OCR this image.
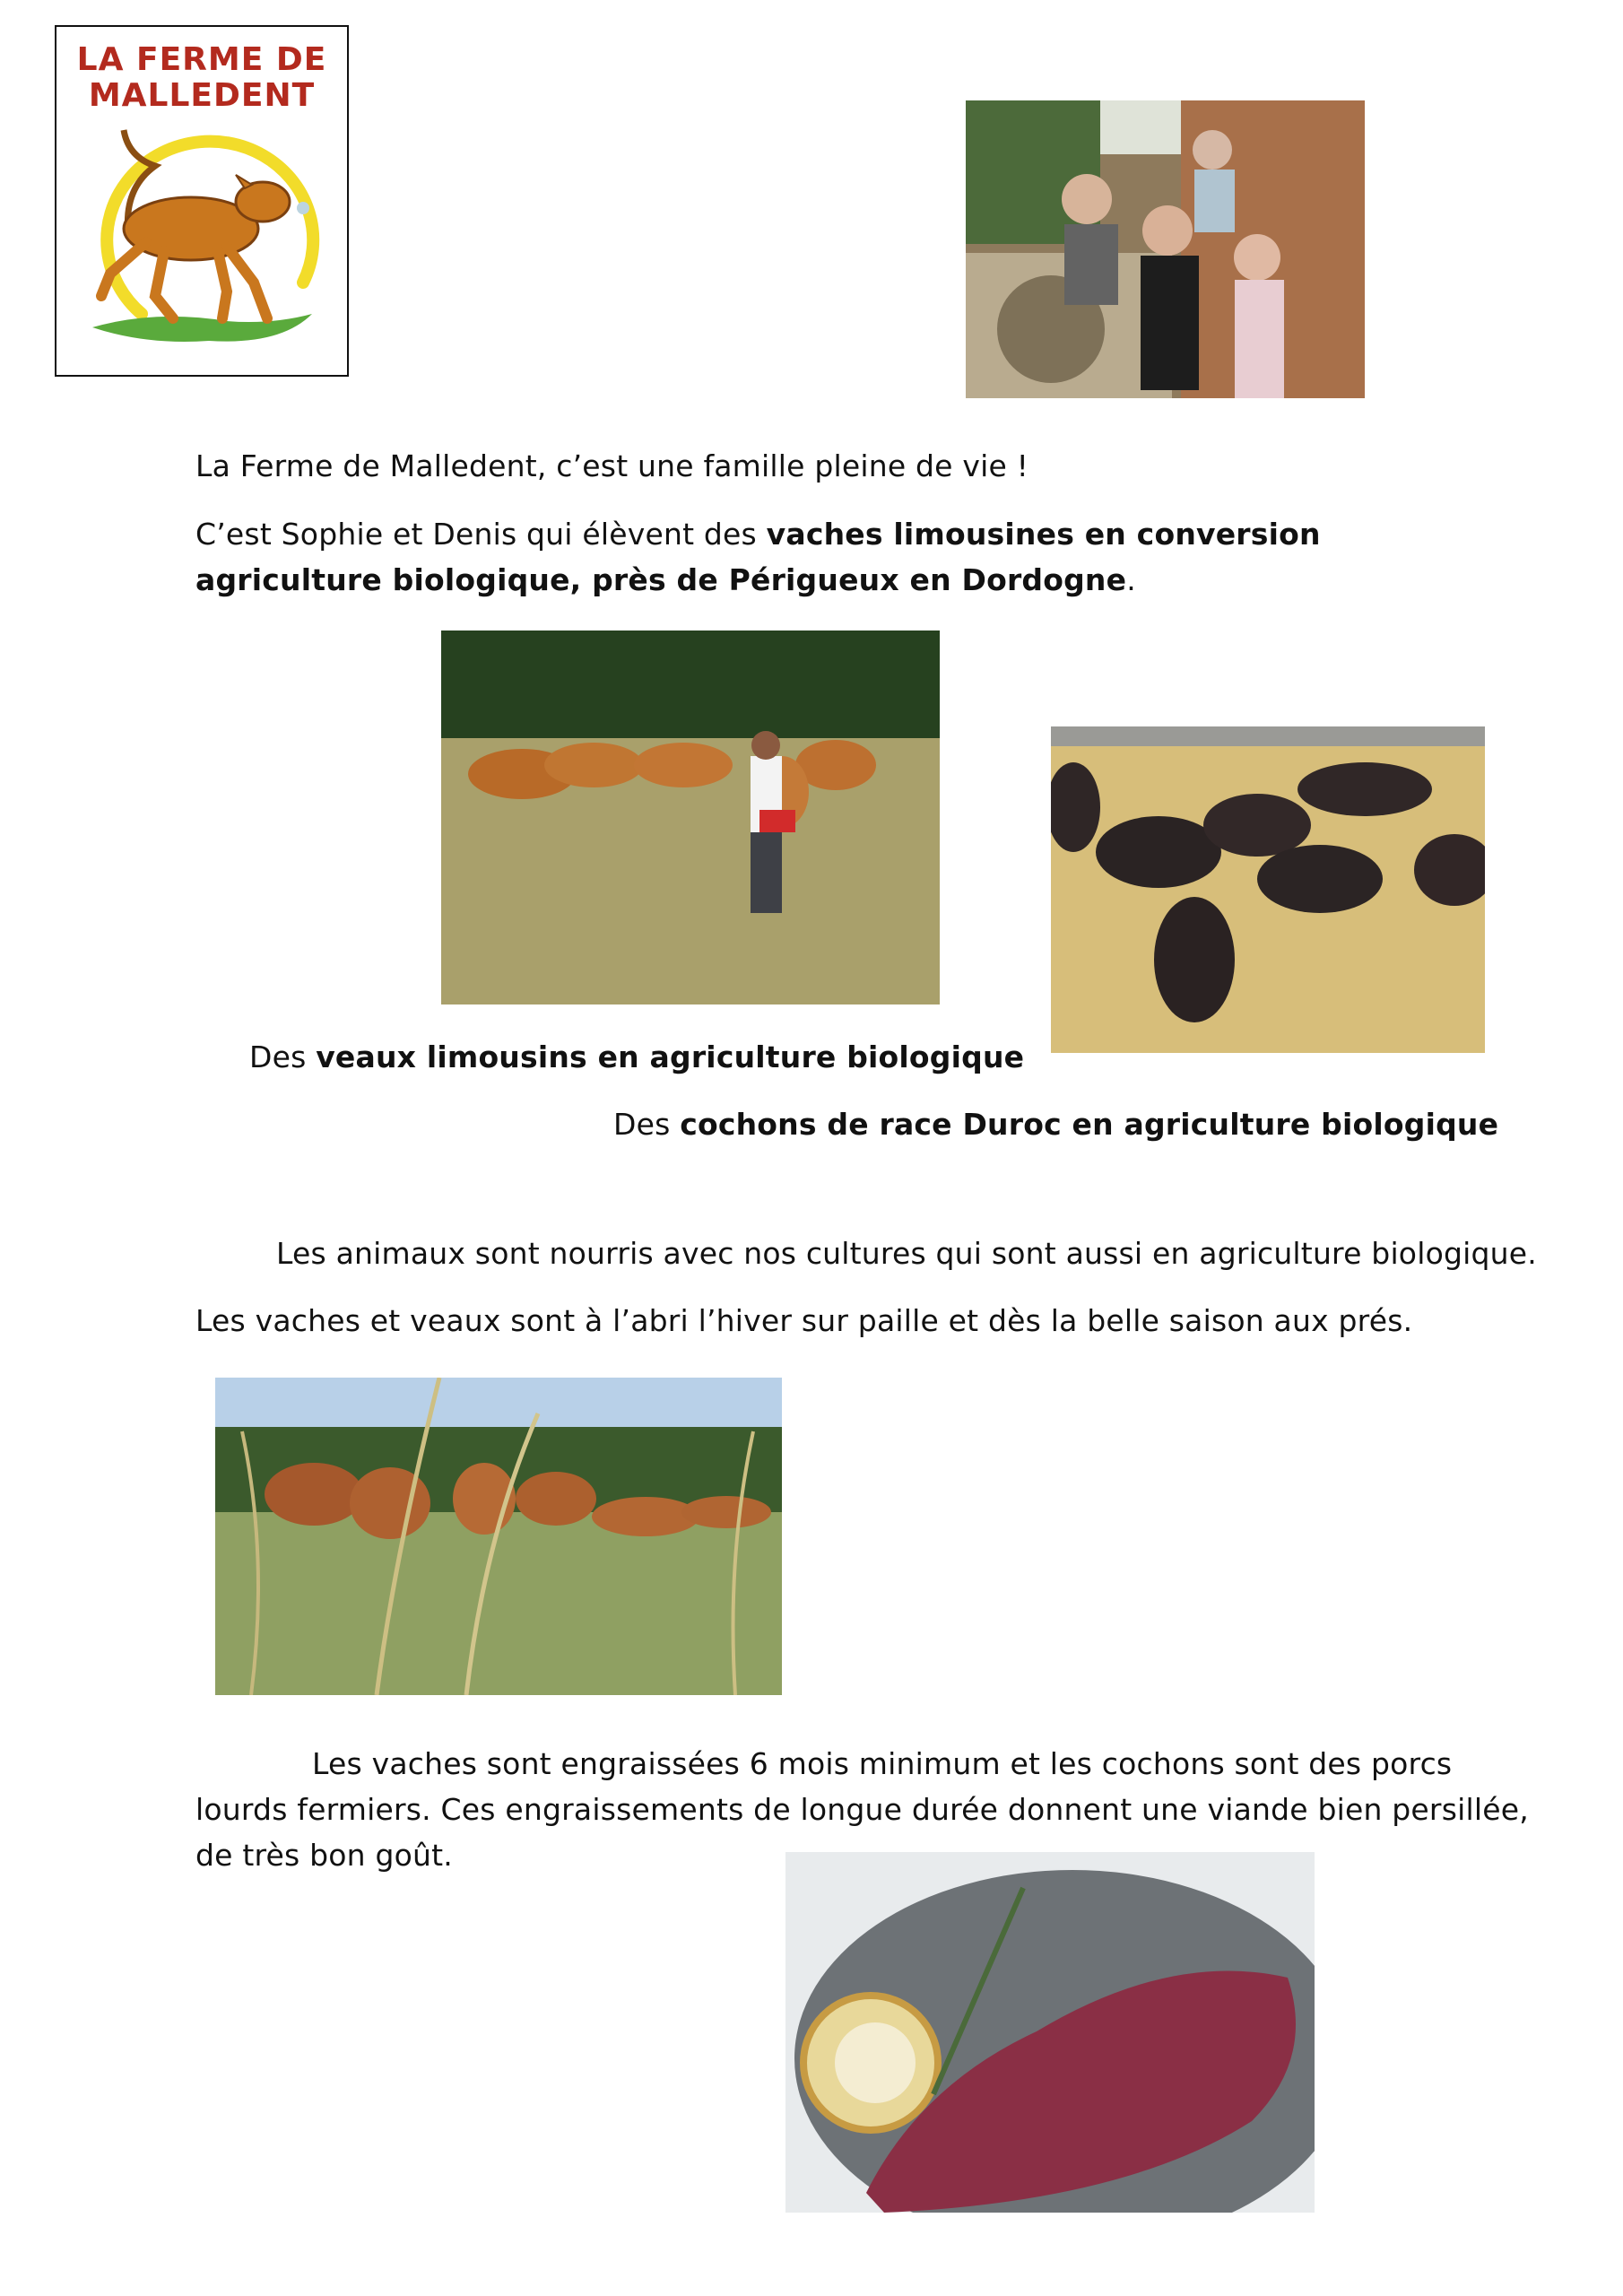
LA FERME DE
MALLEDENT
La Ferme de Malledent, c’est une famille pleine de vie !
C’est Sophie et Denis qui élèvent des vaches limousines en conversion agriculture biologique, près de Périgueux en Dordogne.
Des veaux limousins en agriculture biologique
Des cochons de race Duroc en agriculture biologique
Les animaux sont nourris avec nos cultures qui sont aussi en agriculture biologique.
Les vaches et veaux sont à l’abri l’hiver sur paille et dès la belle saison aux prés.
Les vaches sont engraissées 6 mois minimum et les cochons sont des porcs
lourds fermiers. Ces engraissements de longue durée donnent une viande bien persillée,
de très bon goût.
